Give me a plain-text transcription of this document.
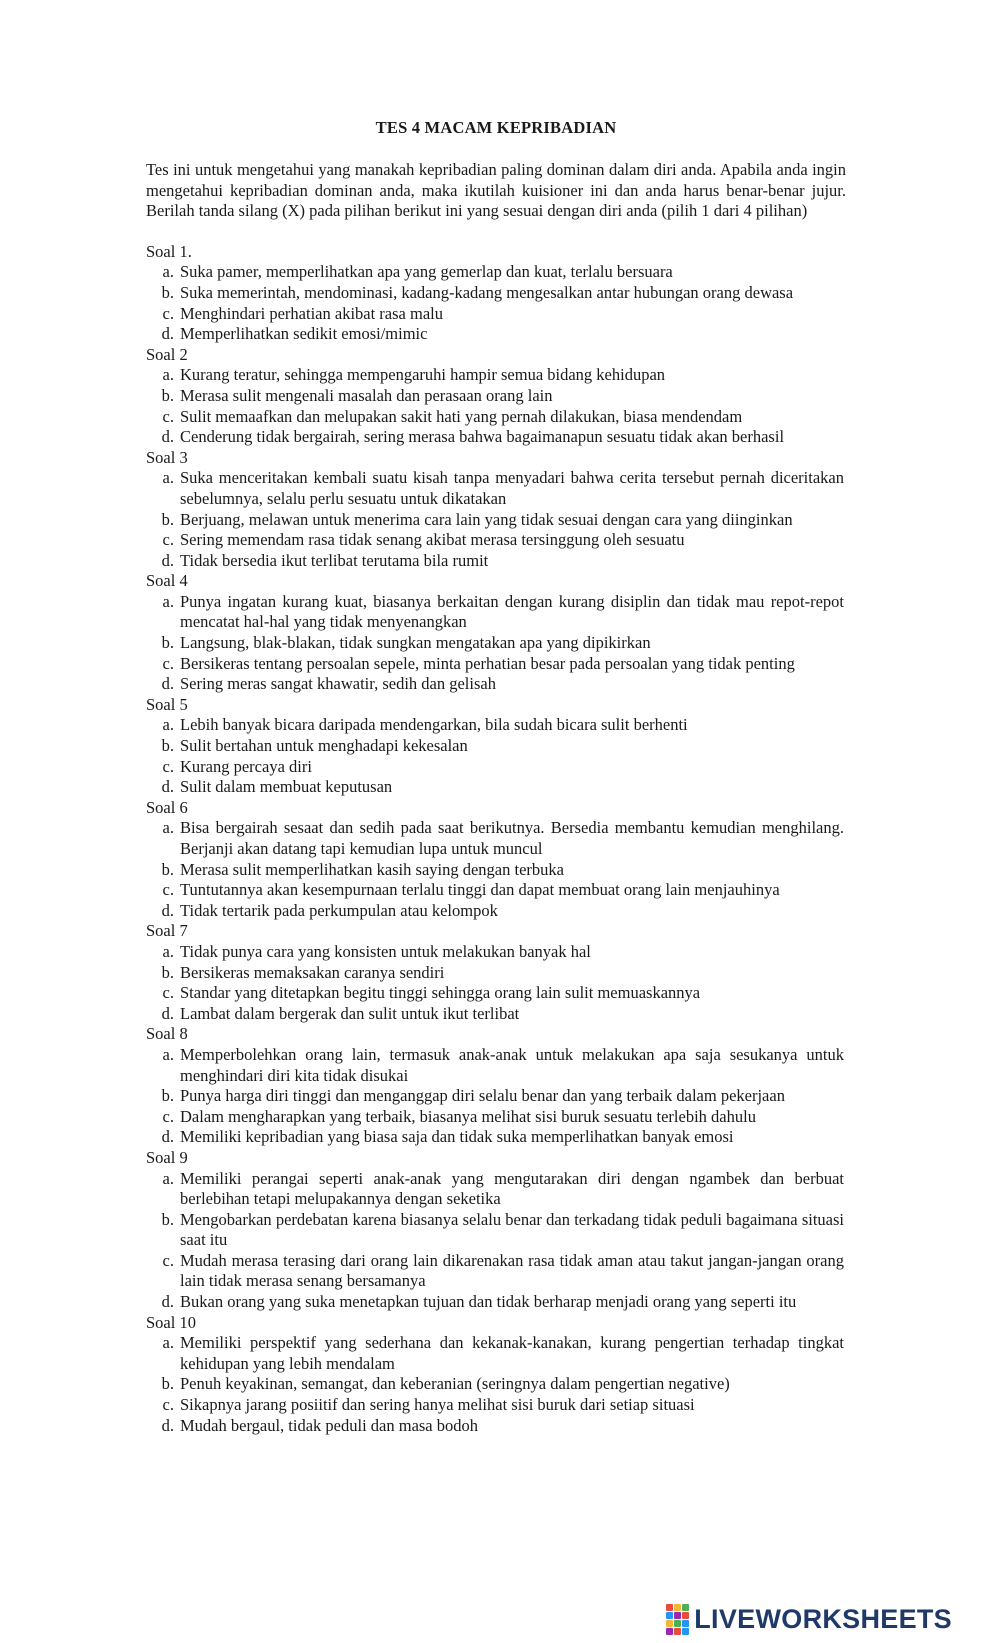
TES 4 MACAM KEPRIBADIAN

Tes ini untuk mengetahui yang manakah kepribadian paling dominan dalam diri anda. Apabila anda ingin mengetahui kepribadian dominan anda, maka ikutilah kuisioner ini dan anda harus benar-benar jujur. Berilah tanda silang (X) pada pilihan berikut ini yang sesuai dengan diri anda (pilih 1 dari 4 pilihan)

Soal 1.

a. Suka pamer, memperlihatkan apa yang gemerlap dan kuat, terlalu bersuara
b. Suka memerintah, mendominasi, kadang-kadang mengesalkan antar hubungan orang dewasa
c. Menghindari perhatian akibat rasa malu
d. Memperlihatkan sedikit emosi/mimic

Soal 2

a. Kurang teratur, sehingga mempengaruhi hampir semua bidang kehidupan
b. Merasa sulit mengenali masalah dan perasaan orang lain
c. Sulit memaafkan dan melupakan sakit hati yang pernah dilakukan, biasa mendendam
d. Cenderung tidak bergairah, sering merasa bahwa bagaimanapun sesuatu tidak akan berhasil

Soal 3

a. Suka menceritakan kembali suatu kisah tanpa menyadari bahwa cerita tersebut pernah diceritakan sebelumnya, selalu perlu sesuatu untuk dikatakan
b. Berjuang, melawan untuk menerima cara lain yang tidak sesuai dengan cara yang diinginkan
c. Sering memendam rasa tidak senang akibat merasa tersinggung oleh sesuatu
d. Tidak bersedia ikut terlibat terutama bila rumit

Soal 4

a. Punya ingatan kurang kuat, biasanya berkaitan dengan kurang disiplin dan tidak mau repot-repot mencatat hal-hal yang tidak menyenangkan
b. Langsung, blak-blakan, tidak sungkan mengatakan apa yang dipikirkan
c. Bersikeras tentang persoalan sepele, minta perhatian besar pada persoalan yang tidak penting
d. Sering meras sangat khawatir, sedih dan gelisah

Soal 5

a. Lebih banyak bicara daripada mendengarkan, bila sudah bicara sulit berhenti
b. Sulit bertahan untuk menghadapi kekesalan
c. Kurang percaya diri
d. Sulit dalam membuat keputusan

Soal 6

a. Bisa bergairah sesaat dan sedih pada saat berikutnya. Bersedia membantu kemudian menghilang. Berjanji akan datang tapi kemudian lupa untuk muncul
b. Merasa sulit memperlihatkan kasih saying dengan terbuka
c. Tuntutannya akan kesempurnaan terlalu tinggi dan dapat membuat orang lain menjauhinya
d. Tidak tertarik pada perkumpulan atau kelompok

Soal 7

a. Tidak punya cara yang konsisten untuk melakukan banyak hal
b. Bersikeras memaksakan caranya sendiri
c. Standar yang ditetapkan begitu tinggi sehingga orang lain sulit memuaskannya
d. Lambat dalam bergerak dan sulit untuk ikut terlibat

Soal 8

a. Memperbolehkan orang lain, termasuk anak-anak untuk melakukan apa saja sesukanya untuk menghindari diri kita tidak disukai
b. Punya harga diri tinggi dan menganggap diri selalu benar dan yang terbaik dalam pekerjaan
c. Dalam mengharapkan yang terbaik, biasanya melihat sisi buruk sesuatu terlebih dahulu
d. Memiliki kepribadian yang biasa saja dan tidak suka memperlihatkan banyak emosi

Soal 9

a. Memiliki perangai seperti anak-anak yang mengutarakan diri dengan ngambek dan berbuat berlebihan tetapi melupakannya dengan seketika
b. Mengobarkan perdebatan karena biasanya selalu benar dan terkadang tidak peduli bagaimana situasi saat itu
c. Mudah merasa terasing dari orang lain dikarenakan rasa tidak aman atau takut jangan-jangan orang lain tidak merasa senang bersamanya
d. Bukan orang yang suka menetapkan tujuan dan tidak berharap menjadi orang yang seperti itu

Soal 10

a. Memiliki perspektif yang sederhana dan kekanak-kanakan, kurang pengertian terhadap tingkat kehidupan yang lebih mendalam
b. Penuh keyakinan, semangat, dan keberanian (seringnya dalam pengertian negative)
c. Sikapnya jarang posiitif dan sering hanya melihat sisi buruk dari setiap situasi
d. Mudah bergaul, tidak peduli dan masa bodoh
LIVEWORKSHEETS
